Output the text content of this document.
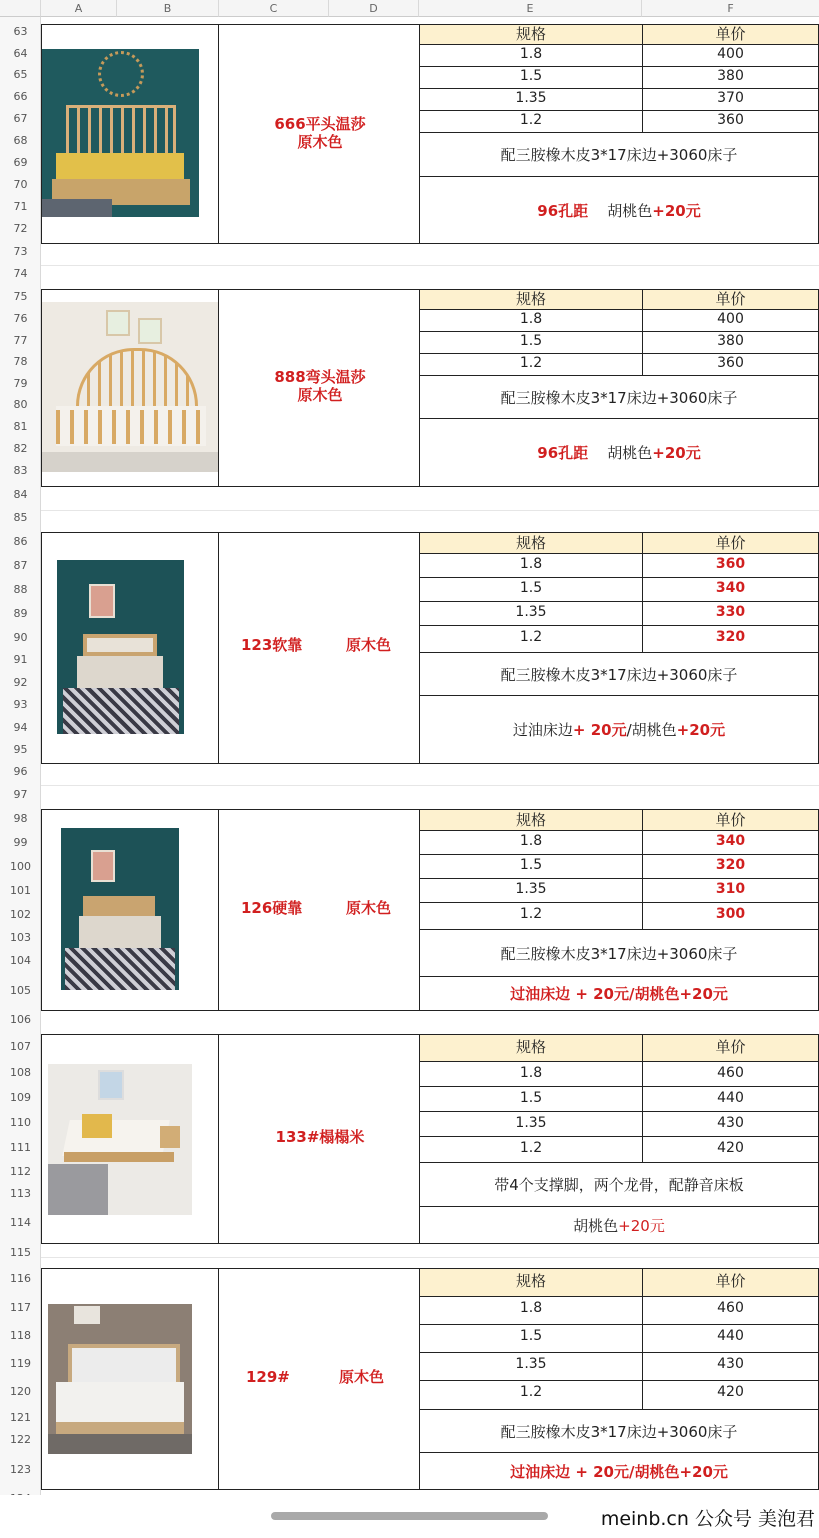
A	B	C	D	E	F
63
64
65
66
67
68
69
70
71
72
73
74
75
76
77
78
79
80
81
82
83
84
85
86
87
88
89
90
91
92
93
94
95
96
97
98
99
100
101
102
103
104
105
106
107
108
109
110
111
112
113
114
115
116
117
118
119
120
121
122
123
666平头温莎
原木色
规格	单价
1.8	400
1.5	380
1.35	370
1.2	360
配三胺橡木皮3*17床边+3060床子
96孔距
胡桃色 +20元
888弯头温莎
原木色
规格	单价
1.8	400
1.5	380
1.2	360
配三胺橡木皮3*17床边+3060床子
96孔距
胡桃色 +20元
123软靠	原木色
规格	单价
1.8	360
1.5	340
1.35	330
1.2	320
配三胺橡木皮3*17床边+3060床子
过油床边 + 20元 /胡桃色 +20元
126硬靠	原木色
规格	单价
1.8	340
1.5	320
1.35	310
1.2	300
配三胺橡木皮3*17床边+3060床子
过油床边 + 20元/胡桃色+20元
133#榻榻米
规格	单价
1.8	460
1.5	440
1.35	430
1.2	420
带4个支撑脚，两个龙骨，配静音床板
胡桃色 +20元
129#	原木色
规格	单价
1.8	460
1.5	440
1.35	430
1.2	420
配三胺橡木皮3*17床边+3060床子
过油床边 + 20元/胡桃色+20元
meinb.cn 公众号 美泡君
